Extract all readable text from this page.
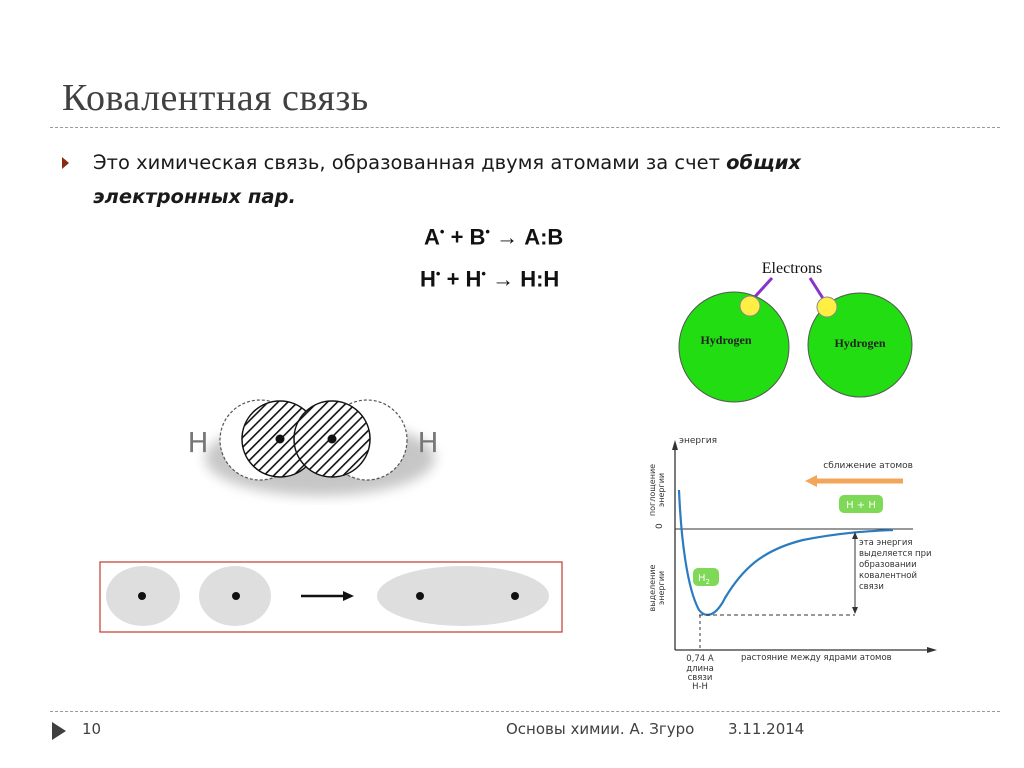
Ковалентная связь
Это химическая связь, образованная двумя атомами за счет общих электронных пар.
A• + B• → A:B
H• + H• → H:H	Electrons
Hydrogen	Hydrogen
H	H	энергия
0
поглощение энергии
выделение энергии
сближение атомов
H + H
$H_2$
эта энергия
выделяется при
образовании
ковалентной
связи
растояние между ядрами атомов
0,74 A
длина
связи
H-H
10	Основы химии. А. Згуро 3.11.2014
